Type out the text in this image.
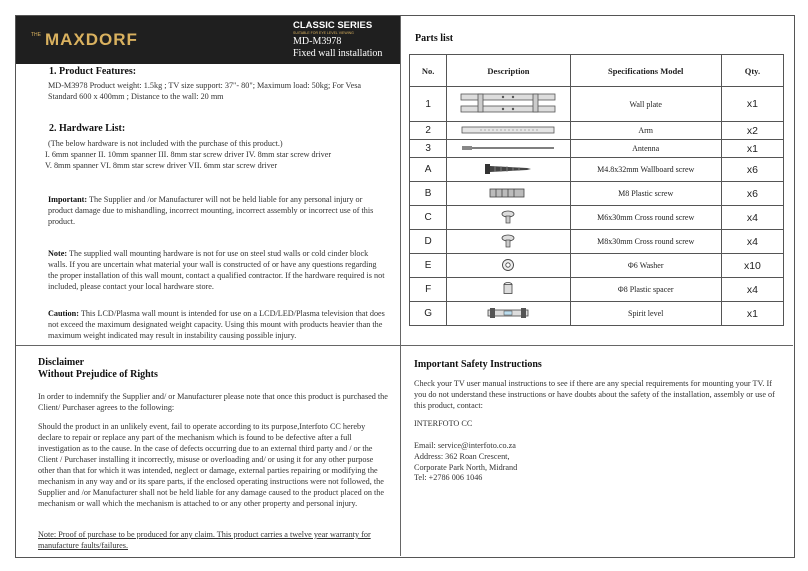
THE MAXDORF
CLASSIC SERIES
SUITABLE FOR EYE LEVEL VIEWING
MD-M3978
Fixed wall installation
1. Product Features:
MD-M3978 Product weight: 1.5kg ; TV size support: 37"- 80"; Maximum load: 50kg; For Vesa Standard 600 x 400mm ; Distance to the wall: 20 mm
2. Hardware List:
(The below hardware is not included with the purchase of this product.)
I. 6mm spanner II. 10mm spanner III. 8mm star screw driver IV. 8mm star screw driver
V. 8mm spanner VI. 8mm star screw driver VII. 6mm star screw driver
Important: The Supplier and /or Manufacturer will not be held liable for any personal injury or product damage due to mishandling, incorrect mounting, incorrect assembly or incorrect use of this product.
Note: The supplied wall mounting hardware is not for use on steel stud walls or cold cinder block walls. If you are uncertain what material your wall is constructed of or have any questions regarding the proper installation of this wall mount, contact a qualified contractor. If the hardware required is not included, please contact your local hardware store.
Caution: This LCD/Plasma wall mount is intended for use on a LCD/LED/Plasma television that does not exceed the maximum designated weight capacity. Using this mount with products heavier than the maximum weight indicated may result in instability causing possible injury.
Disclaimer
Without Prejudice of Rights
In order to indemnify the Supplier and/ or Manufacturer please note that once this product is purchased the Client/ Purchaser agrees to the following:
Should the product in an unlikely event, fail to operate according to its purpose,Interfoto CC hereby declare to repair or replace any part of the mechanism which is found to be defective after a full investigation as to the cause. In the case of defects occurring due to an external third party and / or the Client / Purchaser installing it incorrectly, misuse or overloading and/ or using it for any other purpose other than that for which it was intended, neglect or damage, external parties repairing or modifying the mechanism in any way and or its spare parts, if the enclosed operating instructions were not followed, the Supplier and /or Manufacturer shall not be held liable for any damage caused to the product placed on the mechanism or wall which the mechanism is attached to or any other property and personal injury.
Note: Proof of purchase to be produced for any claim. This product carries a twelve year warranty for manufacture faults/failures.
Parts list
No.	Description	Specifications Model	Qty.
1		Wall plate	x1
2		Arm	x2
3		Antenna	x1
A		M4.8x32mm Wallboard screw	x6
B		M8 Plastic screw	x6
C		M6x30mm Cross round screw	x4
D		M8x30mm Cross round screw	x4
E		Φ6 Washer	x10
F		Φ8 Plastic spacer	x4
G		Spirit level	x1
Important Safety Instructions
Check your TV user manual instructions to see if there are any special requirements for mounting your TV. If you do not understand these instructions or have doubts about the safety of the installation, assembly or use of this product, contact:
INTERFOTO CC
Email: service@interfoto.co.za
Address: 362 Roan Crescent,
Corporate Park North, Midrand
Tel: +2786 006 1046
